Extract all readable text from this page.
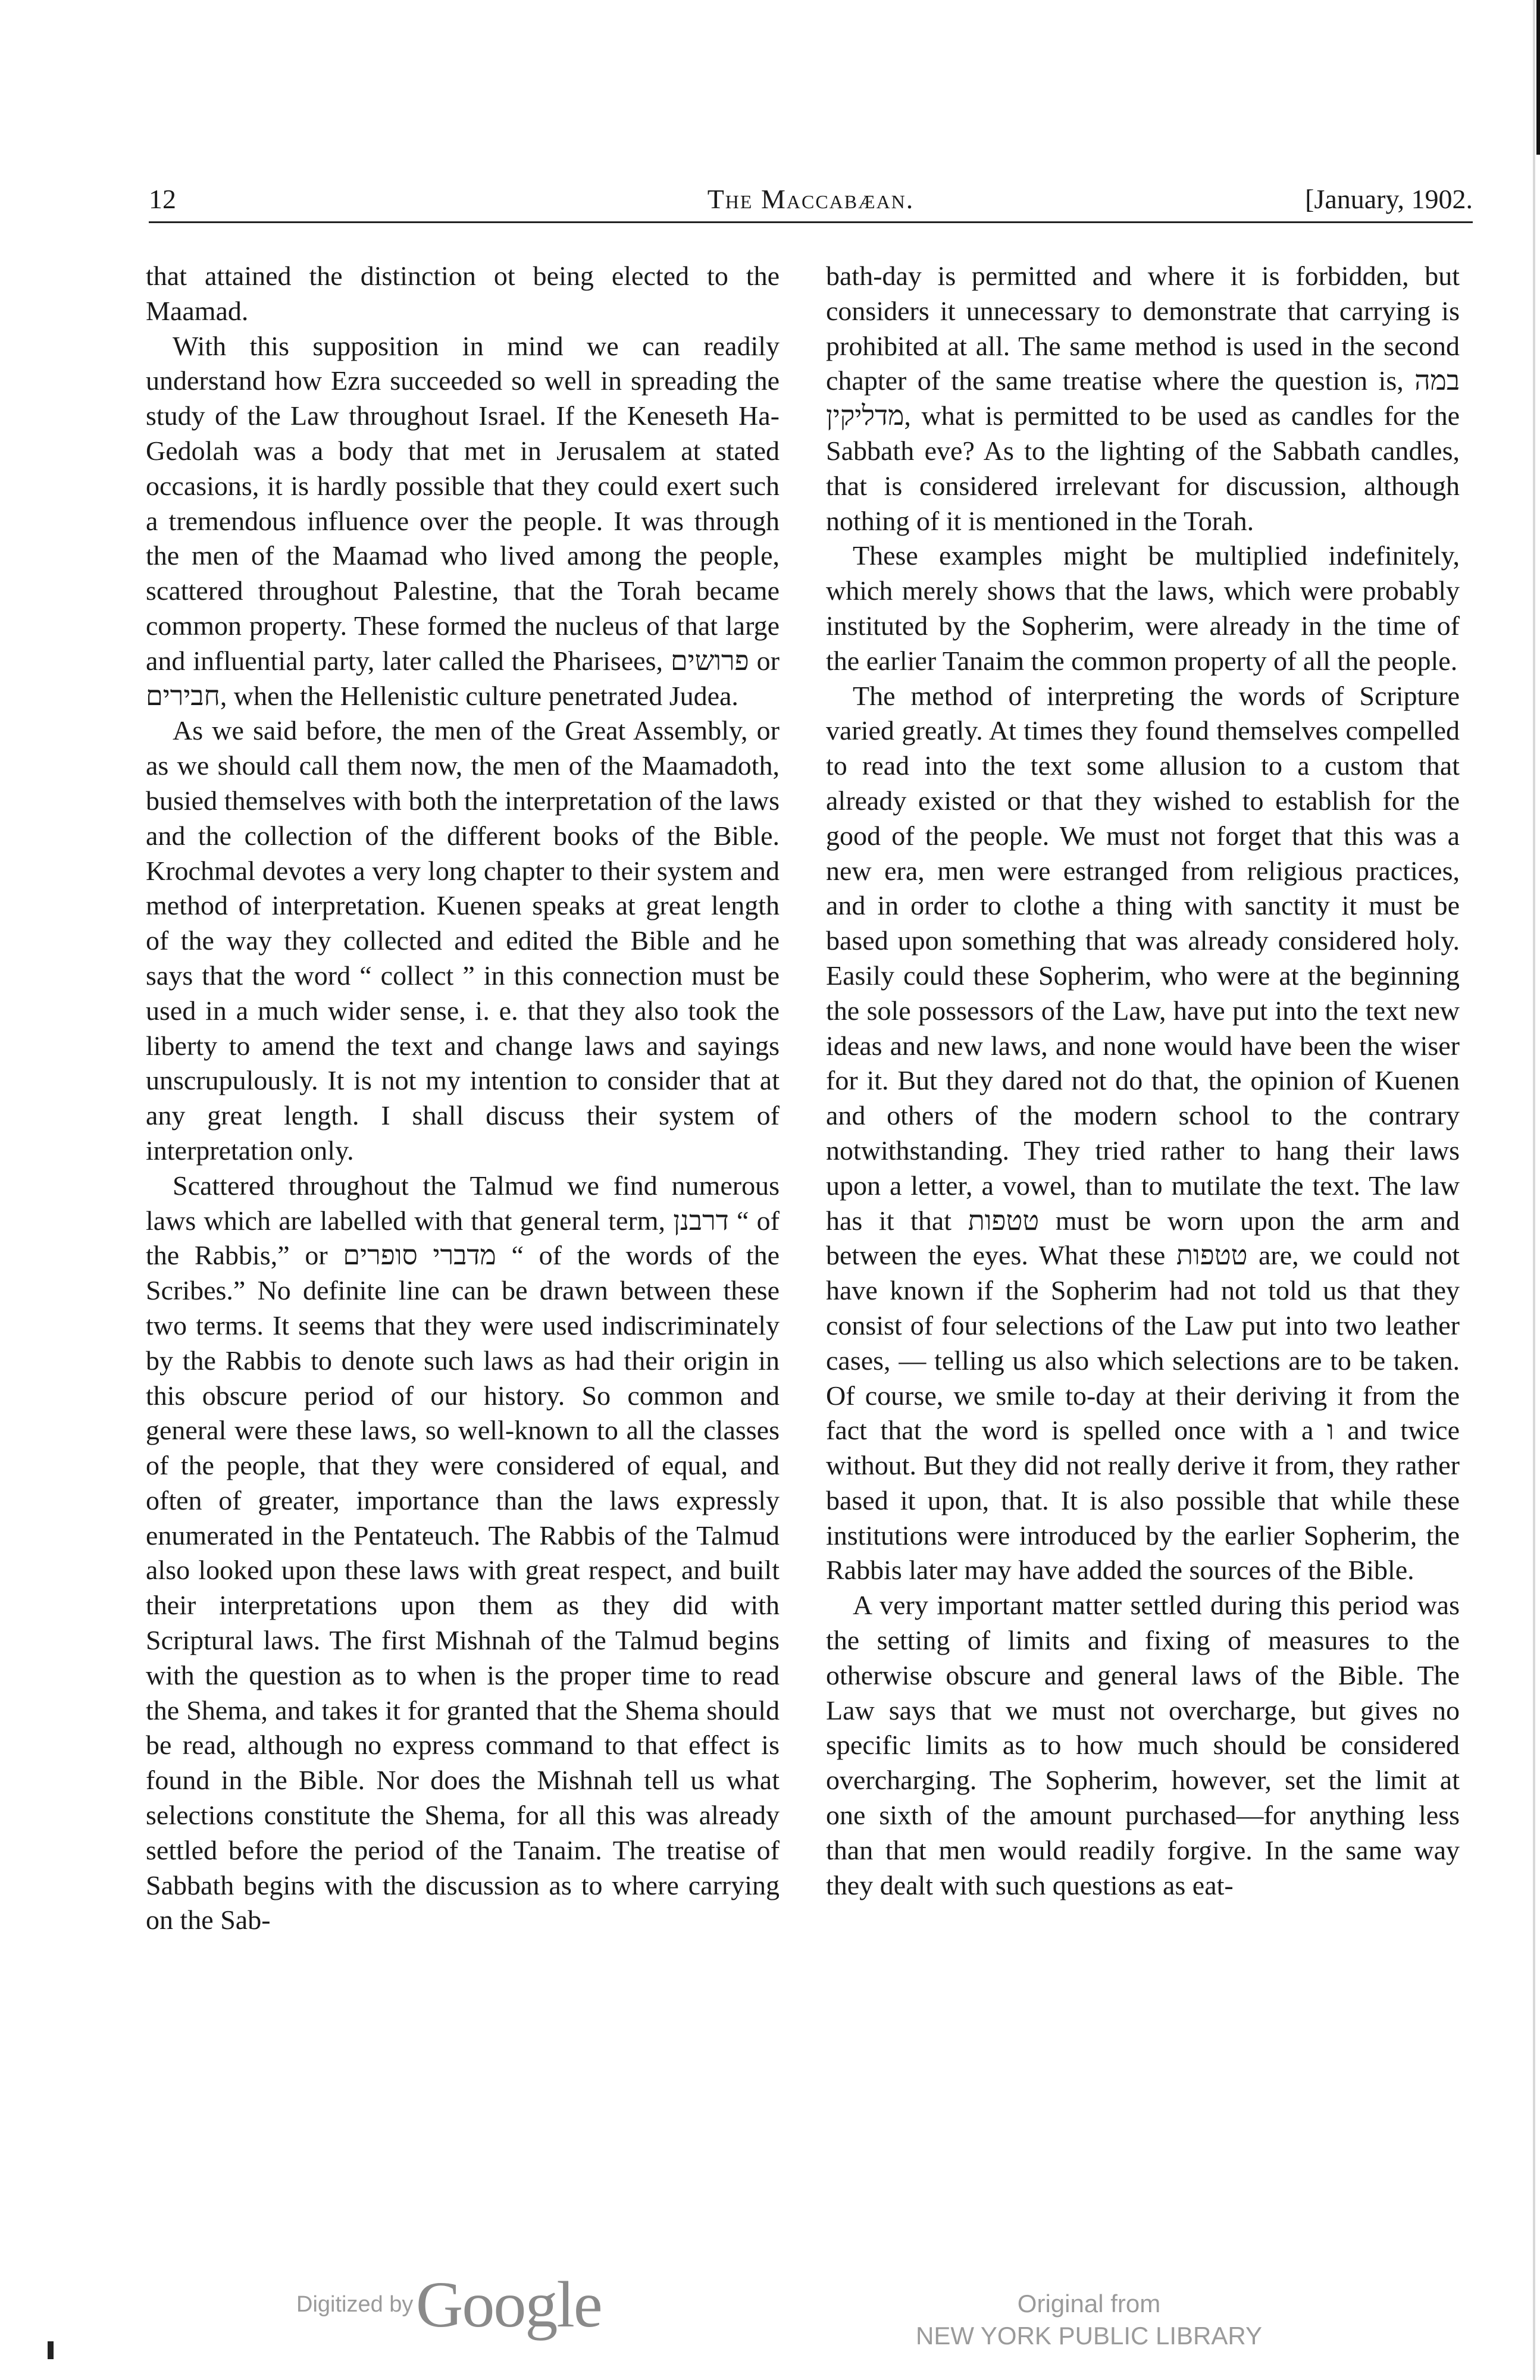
12	The Maccabæan.	[January, 1902.

that attained the distinction ot being elected to the Maamad.

With this supposition in mind we can readily understand how Ezra succeeded so well in spreading the study of the Law throughout Israel. If the Keneseth Ha-Gedolah was a body that met in Jerusalem at stated occasions, it is hardly possible that they could exert such a tremendous influence over the people. It was through the men of the Maamad who lived among the people, scattered throughout Palestine, that the Torah became common property. These formed the nucleus of that large and influential party, later called the Pharisees, פרושים or חבירים, when the Hellenistic culture penetrated Judea.

As we said before, the men of the Great Assembly, or as we should call them now, the men of the Maamadoth, busied themselves with both the interpretation of the laws and the collection of the different books of the Bible. Krochmal devotes a very long chapter to their system and method of interpretation. Kuenen speaks at great length of the way they collected and edited the Bible and he says that the word “ collect ” in this connection must be used in a much wider sense, i. e. that they also took the liberty to amend the text and change laws and sayings unscrupulously. It is not my intention to consider that at any great length. I shall discuss their system of interpretation only.

Scattered throughout the Talmud we find numerous laws which are labelled with that general term, דרבנן “ of the Rabbis,” or מדברי סופרים “ of the words of the Scribes.” No definite line can be drawn between these two terms. It seems that they were used indiscriminately by the Rabbis to denote such laws as had their origin in this obscure period of our history. So common and general were these laws, so well-known to all the classes of the people, that they were considered of equal, and often of greater, importance than the laws expressly enumerated in the Pentateuch. The Rabbis of the Talmud also looked upon these laws with great respect, and built their interpretations upon them as they did with Scriptural laws. The first Mishnah of the Talmud begins with the question as to when is the proper time to read the Shema, and takes it for granted that the Shema should be read, although no express command to that effect is found in the Bible. Nor does the Mishnah tell us what selections constitute the Shema, for all this was already settled before the period of the Tanaim. The treatise of Sabbath begins with the discussion as to where carrying on the Sab-

bath-day is permitted and where it is forbidden, but considers it unnecessary to demonstrate that carrying is prohibited at all. The same method is used in the second chapter of the same treatise where the question is, במה מדליקין, what is permitted to be used as candles for the Sabbath eve? As to the lighting of the Sabbath candles, that is considered irrelevant for discussion, although nothing of it is mentioned in the Torah.

These examples might be multiplied indefinitely, which merely shows that the laws, which were probably instituted by the Sopherim, were already in the time of the earlier Tanaim the common property of all the people.

The method of interpreting the words of Scripture varied greatly. At times they found themselves compelled to read into the text some allusion to a custom that already existed or that they wished to establish for the good of the people. We must not forget that this was a new era, men were estranged from religious practices, and in order to clothe a thing with sanctity it must be based upon something that was already considered holy. Easily could these Sopherim, who were at the beginning the sole possessors of the Law, have put into the text new ideas and new laws, and none would have been the wiser for it. But they dared not do that, the opinion of Kuenen and others of the modern school to the contrary notwithstanding. They tried rather to hang their laws upon a letter, a vowel, than to mutilate the text. The law has it that טטפות must be worn upon the arm and between the eyes. What these טטפות are, we could not have known if the Sopherim had not told us that they consist of four selections of the Law put into two leather cases, — telling us also which selections are to be taken. Of course, we smile to-day at their deriving it from the fact that the word is spelled once with a ו and twice without. But they did not really derive it from, they rather based it upon, that. It is also possible that while these institutions were introduced by the earlier Sopherim, the Rabbis later may have added the sources of the Bible.

A very important matter settled during this period was the setting of limits and fixing of measures to the otherwise obscure and general laws of the Bible. The Law says that we must not overcharge, but gives no specific limits as to how much should be considered overcharging. The Sopherim, however, set the limit at one sixth of the amount purchased—for anything less than that men would readily forgive. In the same way they dealt with such questions as eat-

Digitized by Google	Original from
NEW YORK PUBLIC LIBRARY
